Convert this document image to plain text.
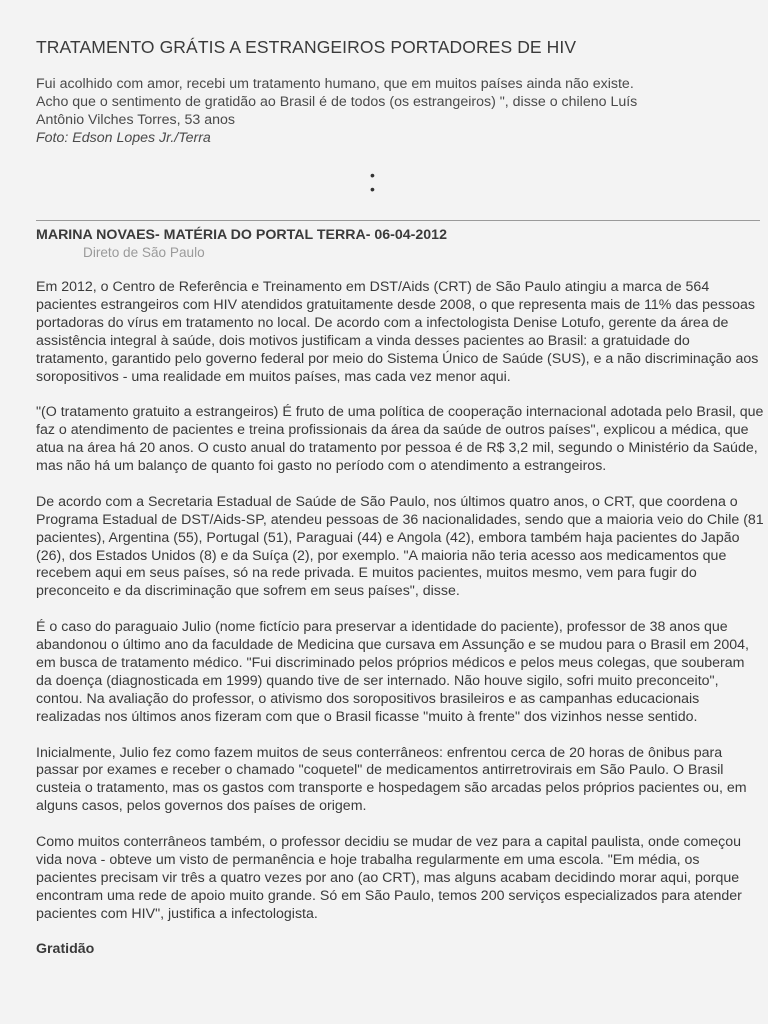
TRATAMENTO GRÁTIS A ESTRANGEIROS PORTADORES DE HIV
Fui acolhido com amor, recebi um tratamento humano, que em muitos países ainda não existe.
Acho que o sentimento de gratidão ao Brasil é de todos (os estrangeiros) ", disse o chileno Luís
Antônio Vilches Torres, 53 anos
Foto: Edson Lopes Jr./Terra
•
•
MARINA NOVAES- MATÉRIA DO PORTAL TERRA- 06-04-2012
Direto de São Paulo

Em 2012, o Centro de Referência e Treinamento em DST/Aids (CRT) de São Paulo atingiu a marca de 564 pacientes estrangeiros com HIV atendidos gratuitamente desde 2008, o que representa mais de 11% das pessoas portadoras do vírus em tratamento no local. De acordo com a infectologista Denise Lotufo, gerente da área de assistência integral à saúde, dois motivos justificam a vinda desses pacientes ao Brasil: a gratuidade do tratamento, garantido pelo governo federal por meio do Sistema Único de Saúde (SUS), e a não discriminação aos soropositivos - uma realidade em muitos países, mas cada vez menor aqui.

"(O tratamento gratuito a estrangeiros) É fruto de uma política de cooperação internacional adotada pelo Brasil, que faz o atendimento de pacientes e treina profissionais da área da saúde de outros países", explicou a médica, que atua na área há 20 anos. O custo anual do tratamento por pessoa é de R$ 3,2 mil, segundo o Ministério da Saúde, mas não há um balanço de quanto foi gasto no período com o atendimento a estrangeiros.

De acordo com a Secretaria Estadual de Saúde de São Paulo, nos últimos quatro anos, o CRT, que coordena o Programa Estadual de DST/Aids-SP, atendeu pessoas de 36 nacionalidades, sendo que a maioria veio do Chile (81 pacientes), Argentina (55), Portugal (51), Paraguai (44) e Angola (42), embora também haja pacientes do Japão (26), dos Estados Unidos (8) e da Suíça (2), por exemplo. "A maioria não teria acesso aos medicamentos que recebem aqui em seus países, só na rede privada. E muitos pacientes, muitos mesmo, vem para fugir do preconceito e da discriminação que sofrem em seus países", disse.

É o caso do paraguaio Julio (nome fictício para preservar a identidade do paciente), professor de 38 anos que abandonou o último ano da faculdade de Medicina que cursava em Assunção e se mudou para o Brasil em 2004, em busca de tratamento médico. "Fui discriminado pelos próprios médicos e pelos meus colegas, que souberam da doença (diagnosticada em 1999) quando tive de ser internado. Não houve sigilo, sofri muito preconceito", contou. Na avaliação do professor, o ativismo dos soropositivos brasileiros e as campanhas educacionais realizadas nos últimos anos fizeram com que o Brasil ficasse "muito à frente" dos vizinhos nesse sentido.

Inicialmente, Julio fez como fazem muitos de seus conterrâneos: enfrentou cerca de 20 horas de ônibus para passar por exames e receber o chamado "coquetel" de medicamentos antirretrovirais em São Paulo. O Brasil custeia o tratamento, mas os gastos com transporte e hospedagem são arcadas pelos próprios pacientes ou, em alguns casos, pelos governos dos países de origem.

Como muitos conterrâneos também, o professor decidiu se mudar de vez para a capital paulista, onde começou vida nova - obteve um visto de permanência e hoje trabalha regularmente em uma escola. "Em média, os pacientes precisam vir três a quatro vezes por ano (ao CRT), mas alguns acabam decidindo morar aqui, porque encontram uma rede de apoio muito grande. Só em São Paulo, temos 200 serviços especializados para atender pacientes com HIV", justifica a infectologista.

Gratidão
